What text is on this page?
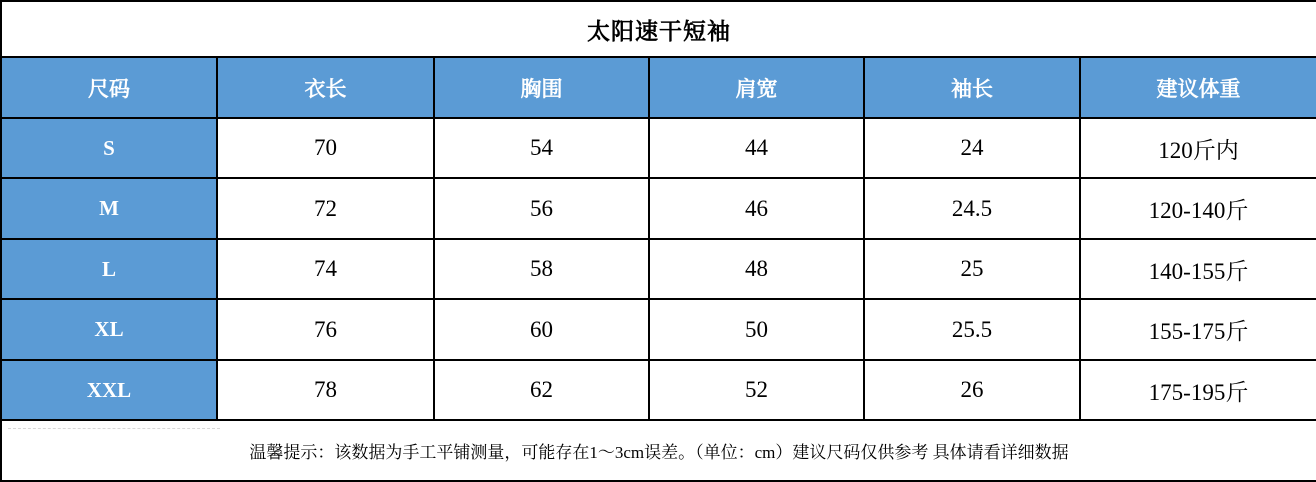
太阳速干短袖					
尺码	衣长	胸围	肩宽	袖长	建议体重
S	70	54	44	24	120斤内
M	72	56	46	24.5	120-140斤
L	74	58	48	25	140-155斤
XL	76	60	50	25.5	155-175斤
XXL	78	62	52	26	175-195斤

温馨提示：该数据为手工平铺测量，可能存在1～3cm误差。（单位：cm）建议尺码仅供参考 具体请看详细数据					
